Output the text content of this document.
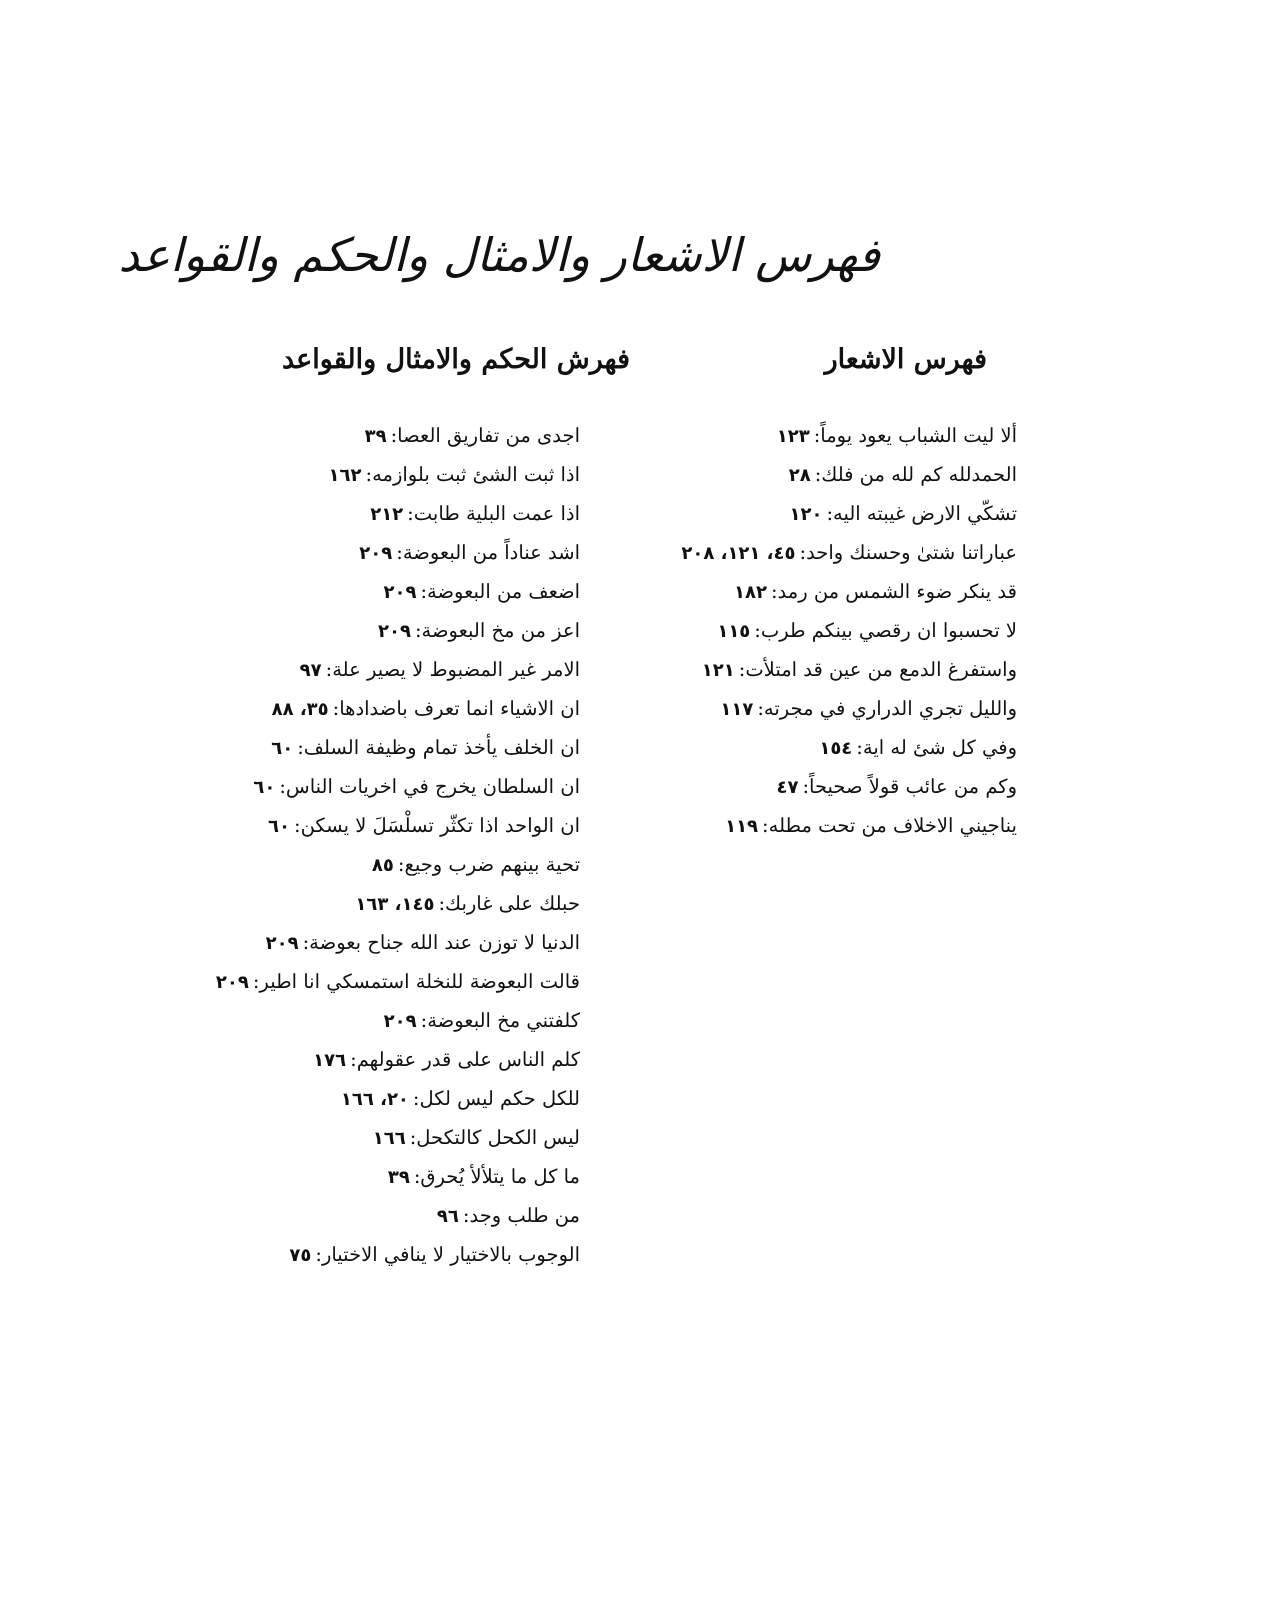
فهرس الاشعار والامثال والحكم والقواعد
فهرس الاشعار
ألا ليت الشباب يعود يوماً:١٢٣
الحمدلله كم لله من فلك:٢٨
تشكّي الارض غيبته اليه:١٢٠
عباراتنا شتىٰ وحسنك واحد:٤٥، ١٢١، ٢٠٨
قد ينكر ضوء الشمس من رمد:١٨٢
لا تحسبوا ان رقصي بينكم طرب:١١٥
واستفرغ الدمع من عين قد امتلأت:١٢١
والليل تجري الدراري في مجرته:١١٧
وفي كل شئ له اية:١٥٤
وكم من عائب قولاً صحيحاً:٤٧
يناجيني الاخلاف من تحت مطله:١١٩
فهرش الحكم والامثال والقواعد
اجدى من تفاريق العصا:٣٩
اذا ثبت الشئ ثبت بلوازمه:١٦٢
اذا عمت البلية طابت:٢١٢
اشد عناداً من البعوضة:٢٠٩
اضعف من البعوضة:٢٠٩
اعز من مخ البعوضة:٢٠٩
الامر غير المضبوط لا يصير علة:٩٧
ان الاشياء انما تعرف باضدادها:٣٥، ٨٨
ان الخلف يأخذ تمام وظيفة السلف:٦٠
ان السلطان يخرج في اخريات الناس:٦٠
ان الواحد اذا تكثّر تسلْسَلَ لا يسكن:٦٠
تحية بينهم ضرب وجيع:٨٥
حبلك على غاربك:١٤٥، ١٦٣
الدنيا لا توزن عند الله جناح بعوضة:٢٠٩
قالت البعوضة للنخلة استمسكي انا اطير:٢٠٩
كلفتني مخ البعوضة:٢٠٩
كلم الناس على قدر عقولهم:١٧٦
للكل حكم ليس لكل:٢٠، ١٦٦
ليس الكحل كالتكحل:١٦٦
ما كل ما يتلألأ يُحرق:٣٩
من طلب وجد:٩٦
الوجوب بالاختيار لا ينافي الاختيار:٧٥
